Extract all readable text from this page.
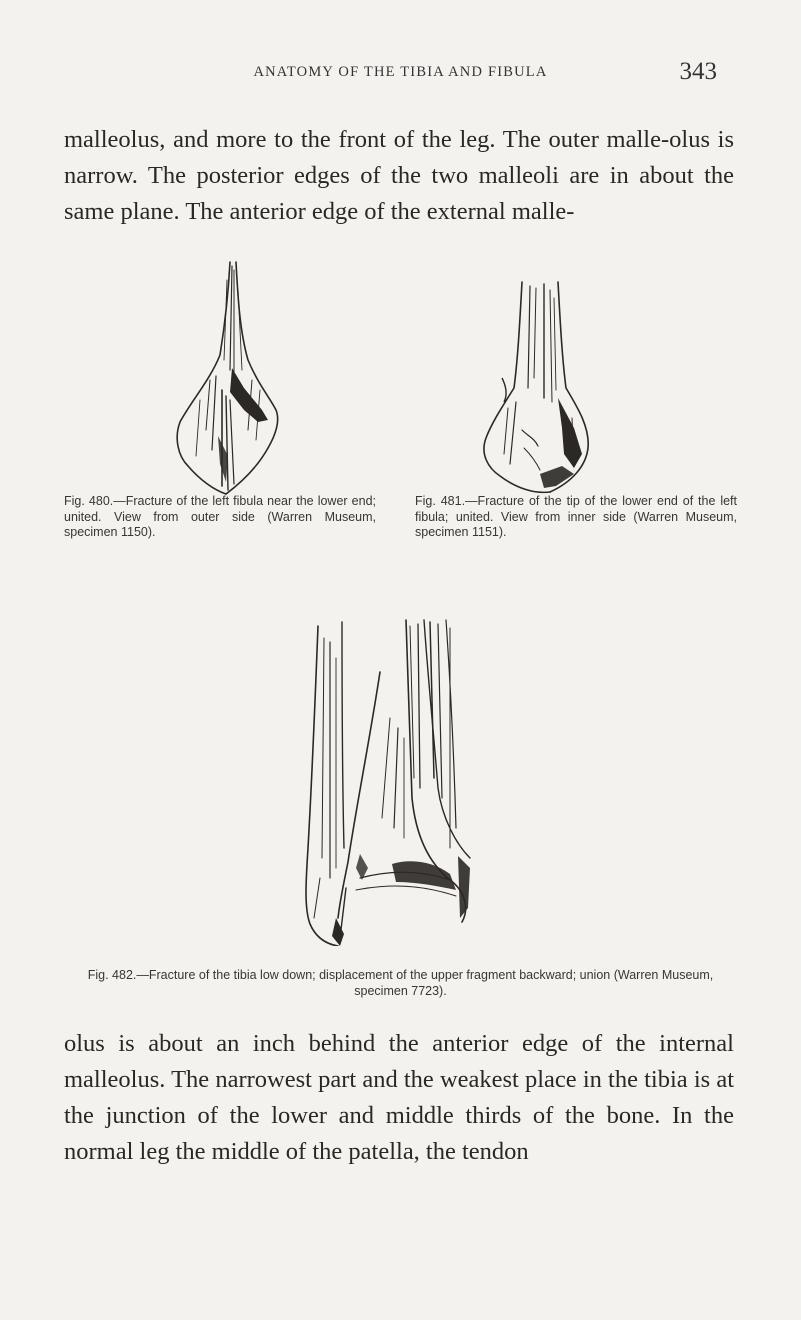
ANATOMY OF THE TIBIA AND FIBULA	343

malleolus, and more to the front of the leg. The outer malle-olus is narrow. The posterior edges of the two malleoli are in about the same plane. The anterior edge of the external malle-

Fig. 480.—Fracture of the left fibula near the lower end; united. View from outer side (Warren Museum, specimen 1150).

Fig. 481.—Fracture of the tip of the lower end of the left fibula; united. View from inner side (Warren Museum, specimen 1151).

Fig. 482.—Fracture of the tibia low down; displacement of the upper fragment backward; union (Warren Museum, specimen 7723).

olus is about an inch behind the anterior edge of the internal malleolus. The narrowest part and the weakest place in the tibia is at the junction of the lower and middle thirds of the bone. In the normal leg the middle of the patella, the tendon
